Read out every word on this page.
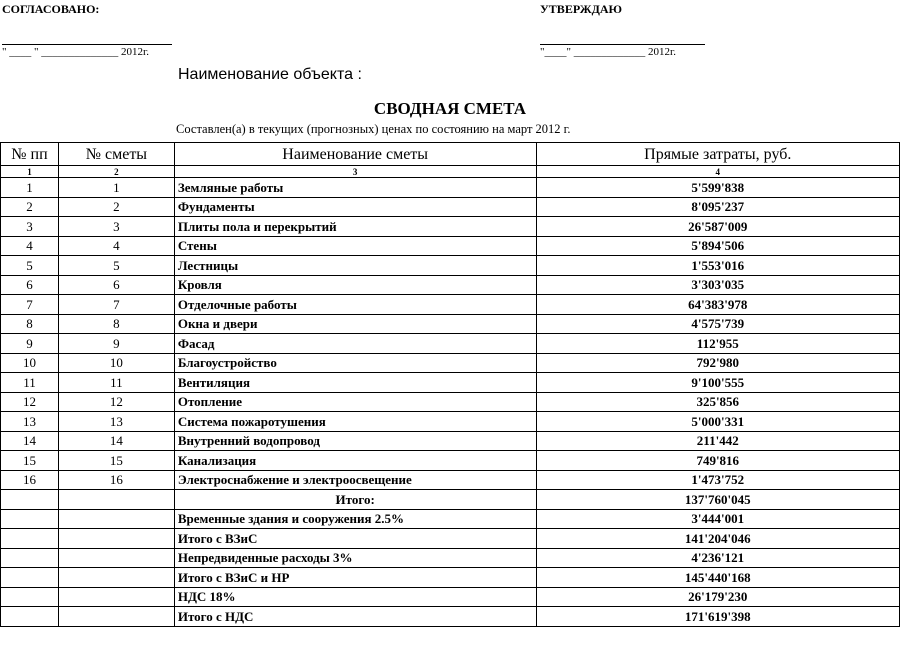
СОГЛАСОВАНО:	УТВЕРЖДАЮ
" ____ " ______________ 2012г.	"____" _____________ 2012г.
Наименование объекта :
СВОДНАЯ СМЕТА
Составлен(а) в текущих (прогнозных) ценах по состоянию на март 2012 г.
№ пп	№ сметы	Наименование сметы	Прямые затраты, руб.
1	2	3	4
1	1	Земляные работы	5'599'838
2	2	Фундаменты	8'095'237
3	3	Плиты пола и перекрытий	26'587'009
4	4	Стены	5'894'506
5	5	Лестницы	1'553'016
6	6	Кровля	3'303'035
7	7	Отделочные работы	64'383'978
8	8	Окна и двери	4'575'739
9	9	Фасад	112'955
10	10	Благоустройство	792'980
11	11	Вентиляция	9'100'555
12	12	Отопление	325'856
13	13	Система пожаротушения	5'000'331
14	14	Внутренний водопровод	211'442
15	15	Канализация	749'816
16	16	Электроснабжение и электроосвещение	1'473'752
		Итого:	137'760'045
		Временные здания и сооружения 2.5%	3'444'001
		Итого с ВЗиС	141'204'046
		Непредвиденные расходы 3%	4'236'121
		Итого с ВЗиС и НР	145'440'168
		НДС 18%	26'179'230
		Итого с НДС	171'619'398
